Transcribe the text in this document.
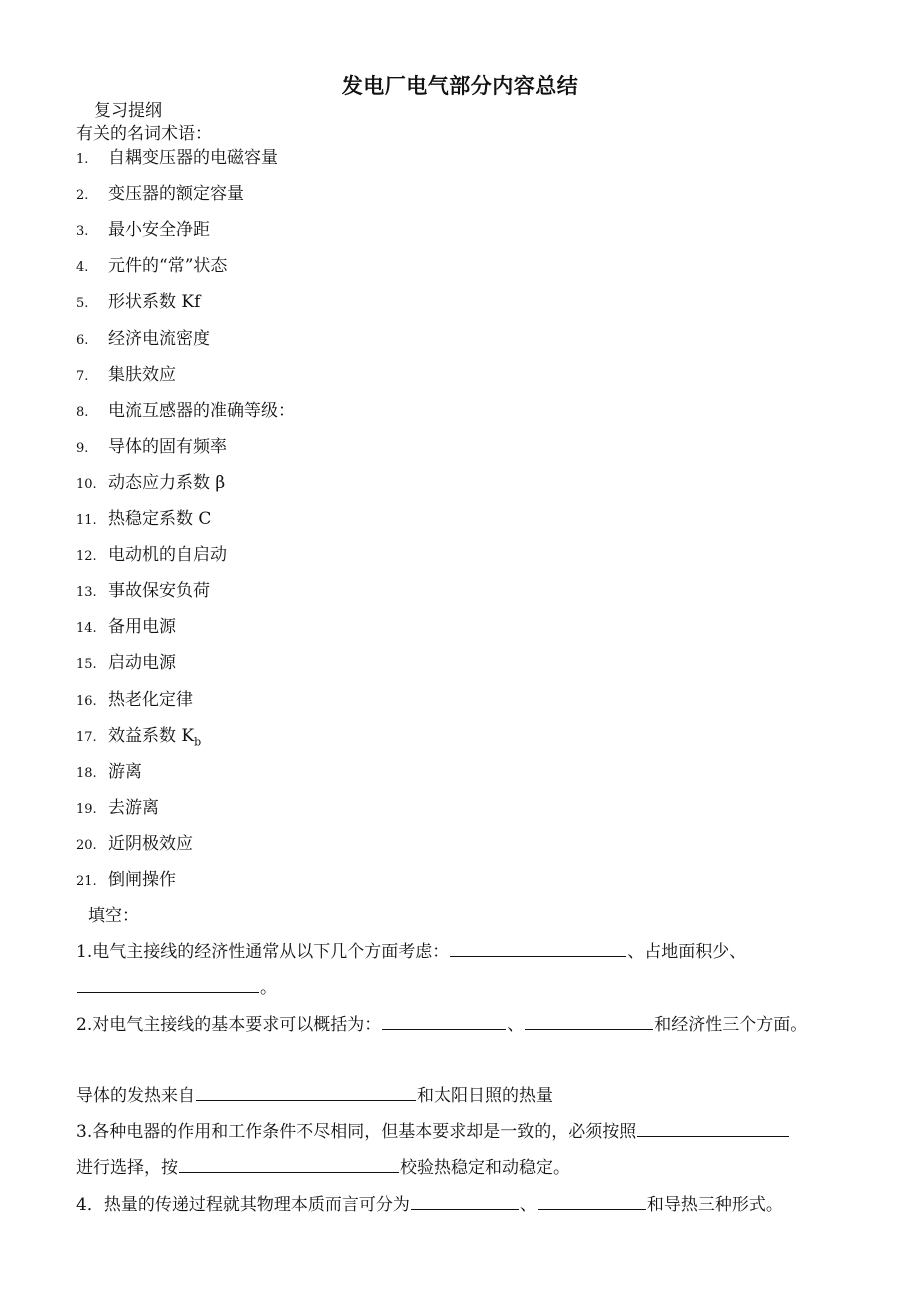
发电厂电气部分内容总结
复习提纲
有关的名词术语：
1. 自耦变压器的电磁容量
2. 变压器的额定容量
3. 最小安全净距
4. 元件的“常”状态
5. 形状系数 Kf
6. 经济电流密度
7. 集肤效应
8. 电流互感器的准确等级：
9. 导体的固有频率
10. 动态应力系数 β
11. 热稳定系数 C
12. 电动机的自启动
13. 事故保安负荷
14. 备用电源
15. 启动电源
16. 热老化定律
17. 效益系数 $K_b$
18. 游离
19. 去游离
20. 近阴极效应
21. 倒闸操作
填空：
1.电气主接线的经济性通常从以下几个方面考虑：	、占地面积少、
。
2.对电气主接线的基本要求可以概括为：	、	和经济性三个方面。
导体的发热来自	和太阳日照的热量
3.各种电器的作用和工作条件不尽相同，但基本要求却是一致的，必须按照
进行选择，按	校验热稳定和动稳定。
4．热量的传递过程就其物理本质而言可分为	、	和导热三种形式。
